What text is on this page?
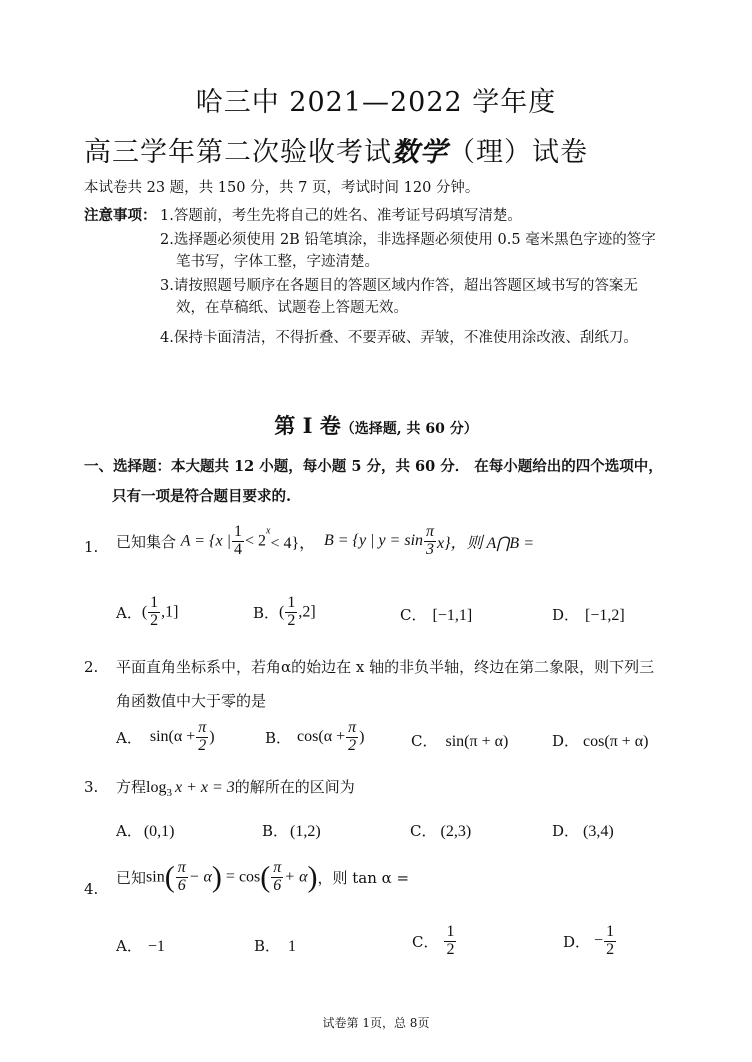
哈三中 2021—2022 学年度
高三学年第二次验收考试数学（理）试卷
本试卷共 23 题，共 150 分，共 7 页，考试时间 120 分钟。
注意事项： 1.答题前，考生先将自己的姓名、准考证号码填写清楚。
2.选择题必须使用 2B 铅笔填涂，非选择题必须使用 0.5 毫米黑色字迹的签字
笔书写，字体工整，字迹清楚。
3.请按照题号顺序在各题目的答题区域内作答，超出答题区域书写的答案无
效，在草稿纸、试题卷上答题无效。
4.保持卡面清洁，不得折叠、不要弄破、弄皱，不准使用涂改液、刮纸刀。
第 I 卷（选择题, 共 60 分）
一、选择题：本大题共 12 小题，每小题 5 分，共 60 分． 在每小题给出的四个选项中，
只有一项是符合题目要求的.
1. 已知集合 A = {x | $\frac{1}{4} < 2^x< 4$}， B = {y | $y = \sin \frac{\pi}{3} x$}，则 A⋂B =
A．( $\frac{1}{2} ,1$]	B．( $\frac{1}{2} ,2$]	C． [−1,1]	D． [−1,2]
2. 平面直角坐标系中，若角α的始边在 x 轴的非负半轴，终边在第二象限，则下列三
角函数值中大于零的是
A． $\sin(\alpha + \frac{\pi}{2}$ )	B． $\cos(\alpha + \frac{\pi}{2}$ )	C． sin(π + α)	D． cos(π + α)
3. 方程$\log_3 x + x = 3$的解所在的区间为
A． (0,1)	B． (1,2)	C． (2,3)	D． (3,4)
4.
已知$\sin( \frac{\pi}{6} - \alpha) = \cos( \frac{\pi}{6} + \alpha)$，则 tan α =
A． −1	B． 1	C． $\frac{1}{2}$	D． − $\frac{1}{2}$
试卷第 1页，总 8页
